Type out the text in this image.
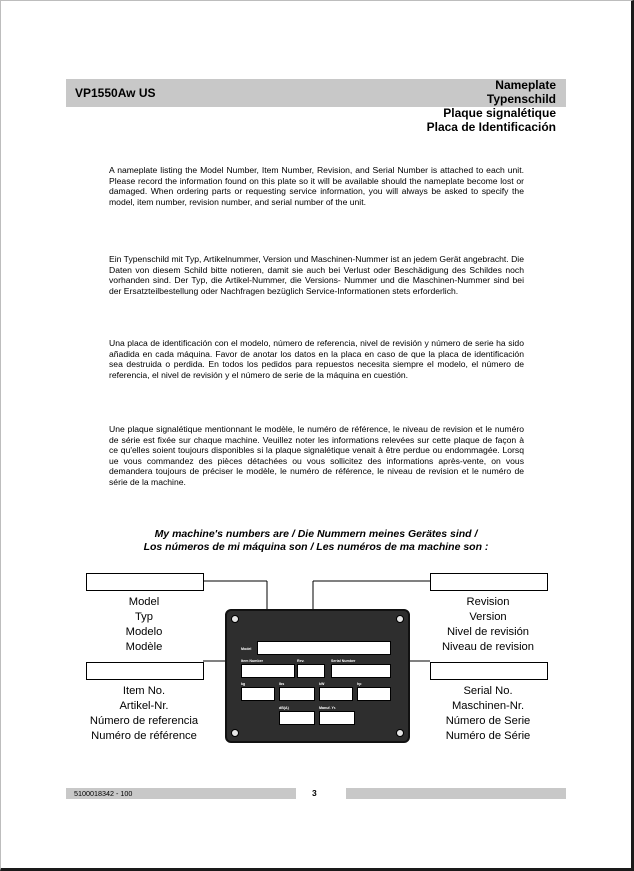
VP1550Aw US
Nameplate
Typenschild
Plaque signalétique
Placa de Identificación
A nameplate listing the Model Number, Item Number, Revision, and Serial Number is attached to each unit. Please record the information found on this plate so it will be available should the nameplate become lost or damaged. When ordering parts or requesting service information, you will always be asked to specify the model, item number, revision number, and serial number of the unit.
Ein Typenschild mit Typ, Artikelnummer, Version und Maschinen-Nummer ist an jedem Gerät angebracht. Die Daten von diesem Schild bitte notieren, damit sie auch bei Verlust oder Beschädigung des Schildes noch vorhanden sind. Der Typ, die Artikel-Nummer, die Versions- Nummer und die Maschinen-Nummer sind bei der Ersatzteilbestellung oder Nachfragen bezüglich Service-Informationen stets erforderlich.
Una placa de identificación con el modelo, número de referencia, nivel de revisión y número de serie ha sido añadida en cada máquina. Favor de anotar los datos en la placa en caso de que la placa de identificación sea destruida o perdida. En todos los pedidos para repuestos necesita siempre el modelo, el número de referencia, el nivel de revisión y el número de serie de la máquina en cuestión.
Une plaque signalétique mentionnant le modèle, le numéro de référence, le niveau de revision et le numéro de série est fixée sur chaque machine. Veuillez noter les informations relevées sur cette plaque de façon à ce qu'elles soient toujours disponibles si la plaque signalétique venait à être perdue ou endommagée. Lorsq ue vous commandez des pièces détachées ou vous sollicitez des informations après-vente, on vous demandera toujours de préciser le modèle, le numéro de référence, le niveau de revision et le numéro de série de la machine.
My machine's numbers are / Die Nummern meines Gerätes sind /
Los números de mi máquina son / Les numéros de ma machine son :
Model
Typ
Modelo
Modèle
Revision
Version
Nivel de revisión
Niveau de revision
Item No.
Artikel-Nr.
Número de referencia
Numéro de référence
Serial No.
Maschinen-Nr.
Número de Serie
Numéro de Série
Model
Item Number	Rev.	Serial Number
kg	lbs	kW	hp
dB(A)	Manuf. Yr.
5100018342 - 100	3
